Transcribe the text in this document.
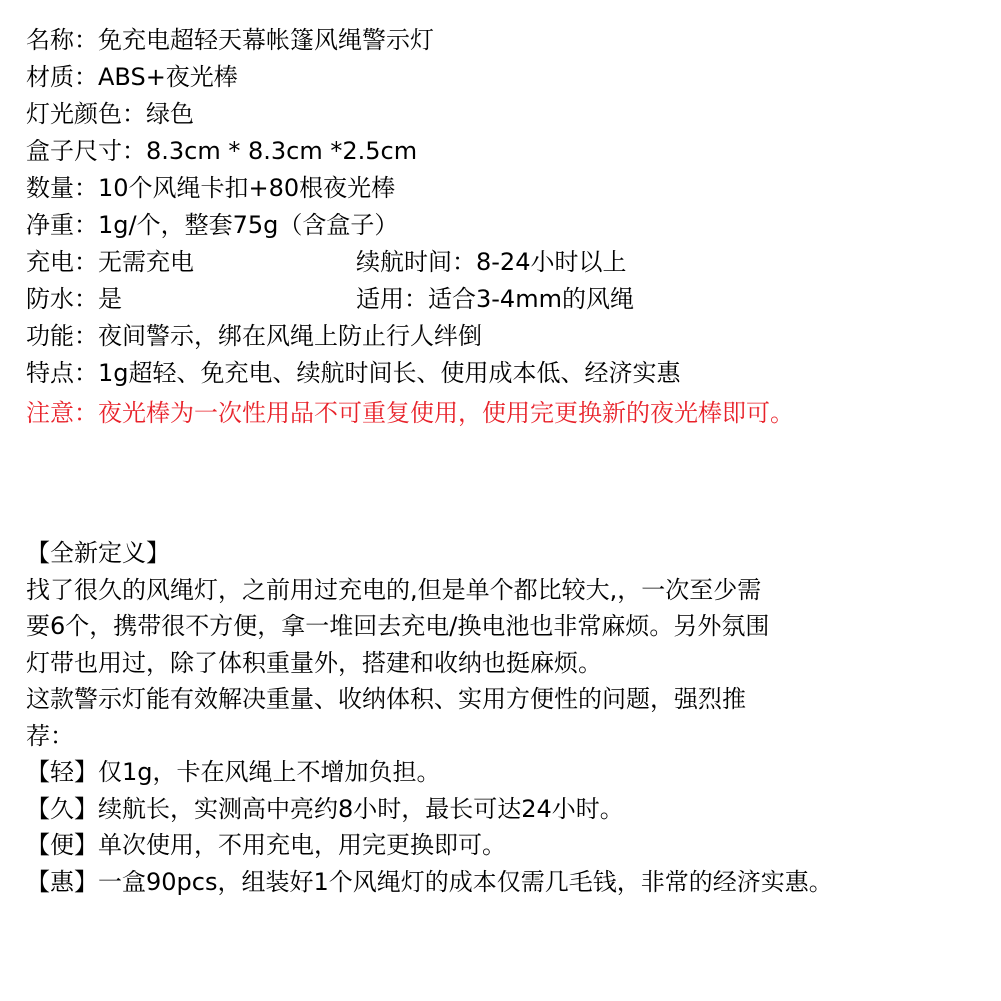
名称：免充电超轻天幕帐篷风绳警示灯
材质：ABS+夜光棒
灯光颜色：绿色
盒子尺寸：8.3cm * 8.3cm *2.5cm
数量：10个风绳卡扣+80根夜光棒
净重：1g/个，整套75g（含盒子）
充电：无需充电	续航时间：8-24小时以上
防水：是	适用：适合3-4mm的风绳
功能：夜间警示，绑在风绳上防止行人绊倒
特点：1g超轻、免充电、续航时间长、使用成本低、经济实惠
注意：夜光棒为一次性用品不可重复使用，使用完更换新的夜光棒即可。
【全新定义】
找了很久的风绳灯，之前用过充电的,但是单个都比较大,，一次至少需
要6个，携带很不方便，拿一堆回去充电/换电池也非常麻烦。另外氛围
灯带也用过，除了体积重量外，搭建和收纳也挺麻烦。
这款警示灯能有效解决重量、收纳体积、实用方便性的问题，强烈推
荐：
【轻】仅1g，卡在风绳上不增加负担。
【久】续航长，实测高中亮约8小时，最长可达24小时。
【便】单次使用，不用充电，用完更换即可。
【惠】一盒90pcs，组装好1个风绳灯的成本仅需几毛钱，非常的经济实惠。
